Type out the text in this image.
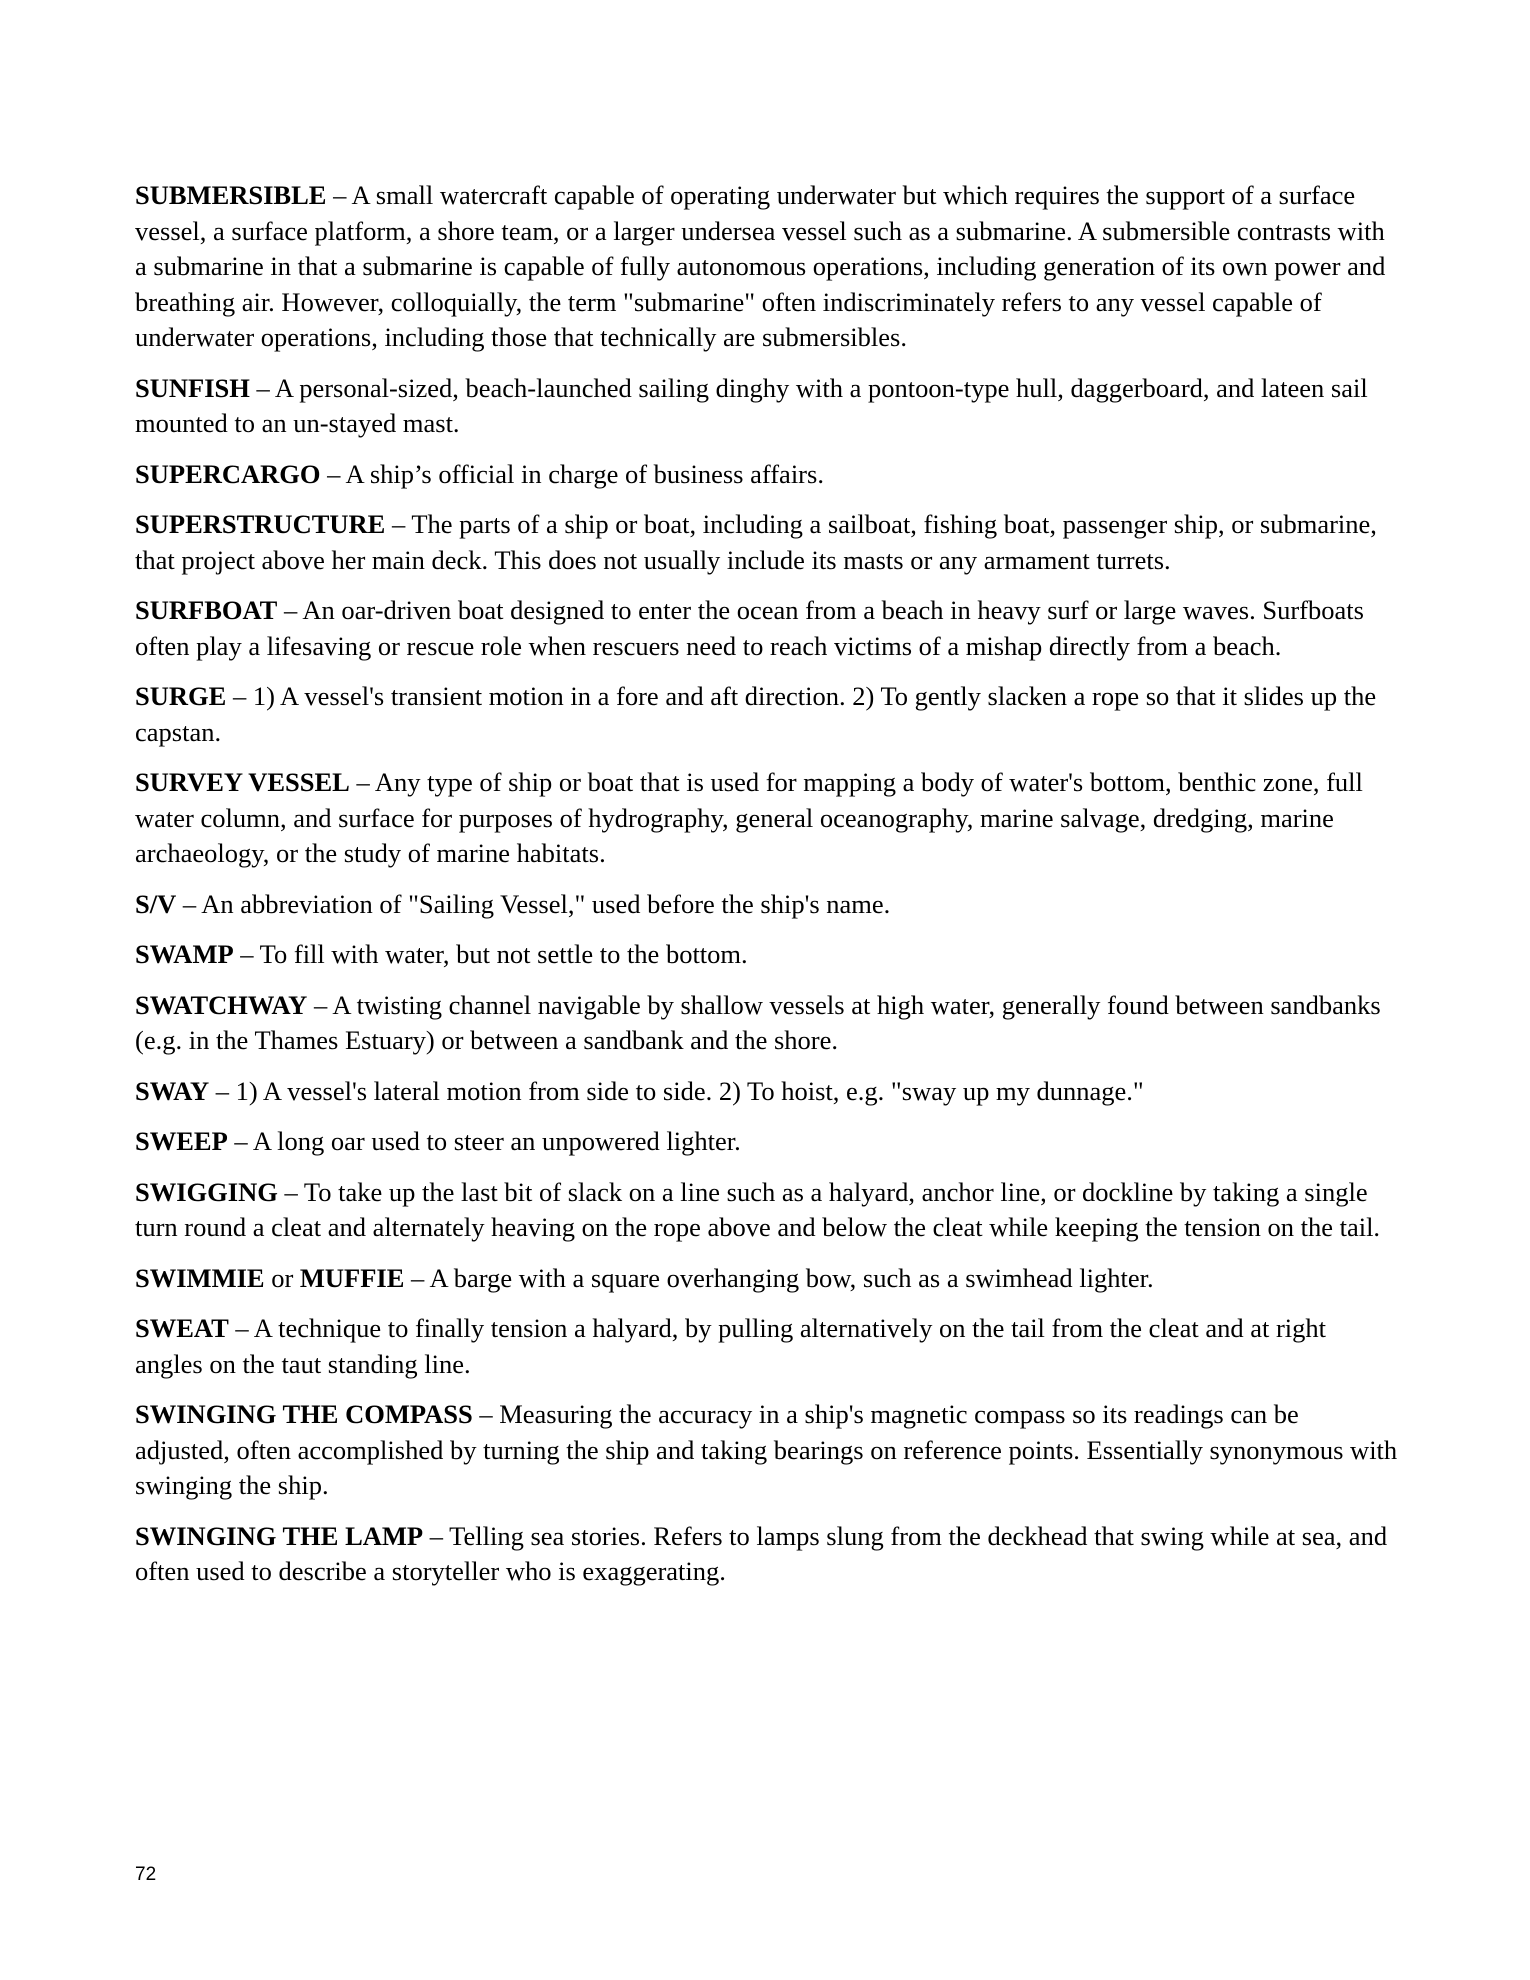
SUBMERSIBLE – A small watercraft capable of operating underwater but which requires the support of a surface vessel, a surface platform, a shore team, or a larger undersea vessel such as a submarine. A submersible contrasts with a submarine in that a submarine is capable of fully autonomous operations, including generation of its own power and breathing air. However, colloquially, the term "submarine" often indiscriminately refers to any vessel capable of underwater operations, including those that technically are submersibles.

SUNFISH – A personal-sized, beach-launched sailing dinghy with a pontoon-type hull, daggerboard, and lateen sail mounted to an un-stayed mast.

SUPERCARGO – A ship’s official in charge of business affairs.

SUPERSTRUCTURE – The parts of a ship or boat, including a sailboat, fishing boat, passenger ship, or submarine, that project above her main deck. This does not usually include its masts or any armament turrets.

SURFBOAT – An oar-driven boat designed to enter the ocean from a beach in heavy surf or large waves. Surfboats often play a lifesaving or rescue role when rescuers need to reach victims of a mishap directly from a beach.

SURGE – 1) A vessel's transient motion in a fore and aft direction. 2) To gently slacken a rope so that it slides up the capstan.

SURVEY VESSEL – Any type of ship or boat that is used for mapping a body of water's bottom, benthic zone, full water column, and surface for purposes of hydrography, general oceanography, marine salvage, dredging, marine archaeology, or the study of marine habitats.

S/V – An abbreviation of "Sailing Vessel," used before the ship's name.

SWAMP – To fill with water, but not settle to the bottom.

SWATCHWAY – A twisting channel navigable by shallow vessels at high water, generally found between sandbanks (e.g. in the Thames Estuary) or between a sandbank and the shore.

SWAY – 1) A vessel's lateral motion from side to side. 2) To hoist, e.g. "sway up my dunnage."

SWEEP – A long oar used to steer an unpowered lighter.

SWIGGING – To take up the last bit of slack on a line such as a halyard, anchor line, or dockline by taking a single turn round a cleat and alternately heaving on the rope above and below the cleat while keeping the tension on the tail.

SWIMMIE or MUFFIE – A barge with a square overhanging bow, such as a swimhead lighter.

SWEAT – A technique to finally tension a halyard, by pulling alternatively on the tail from the cleat and at right angles on the taut standing line.

SWINGING THE COMPASS – Measuring the accuracy in a ship's magnetic compass so its readings can be adjusted, often accomplished by turning the ship and taking bearings on reference points. Essentially synonymous with swinging the ship.

SWINGING THE LAMP – Telling sea stories. Refers to lamps slung from the deckhead that swing while at sea, and often used to describe a storyteller who is exaggerating.

72
